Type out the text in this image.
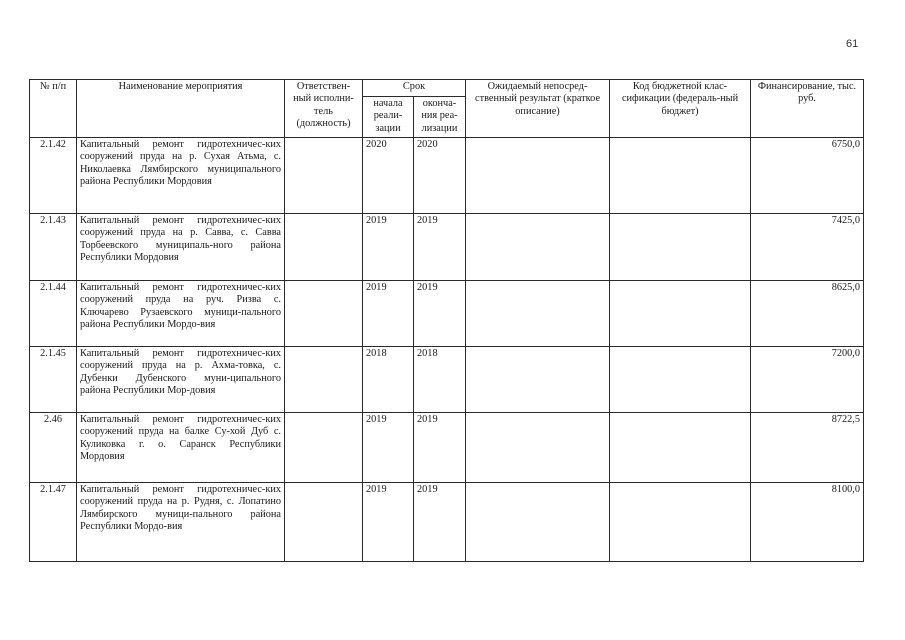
61
№ п/п	Наименование мероприятия	Ответствен-ный исполни-тель (должность)	Срок		Ожидаемый непосред-ственный результат (краткое описание)	Код бюджетной клас-сификации (федераль-ный бюджет)	Финансирование, тыс. руб.
			начала реали-зации	оконча-ния реа-лизации			
2.1.42	Капитальный ремонт гидротехничес-ких сооружений пруда на р. Сухая Атьма, с. Николаевка Лямбирского муниципального района Республики Мордовия		2020	2020			6750,0
2.1.43	Капитальный ремонт гидротехничес-ких сооружений пруда на р. Савва, с. Савва Торбеевского муниципаль-ного района Республики Мордовия		2019	2019			7425,0
2.1.44	Капитальный ремонт гидротехничес-ких сооружений пруда на руч. Ризва с. Ключарево Рузаевского муници-пального района Республики Мордо-вия		2019	2019			8625,0
2.1.45	Капитальный ремонт гидротехничес-ких сооружений пруда на р. Ахма-товка, с. Дубенки Дубенского муни-ципального района Республики Мор-довия		2018	2018			7200,0
2.46	Капитальный ремонт гидротехничес-ких сооружений пруда на балке Су-хой Дуб с. Куликовка г. о. Саранск Республики Мордовия		2019	2019			8722,5
2.1.47	Капитальный ремонт гидротехничес-ких сооружений пруда на р. Рудня, с. Лопатино Лямбирского муници-пального района Республики Мордо-вия		2019	2019			8100,0
